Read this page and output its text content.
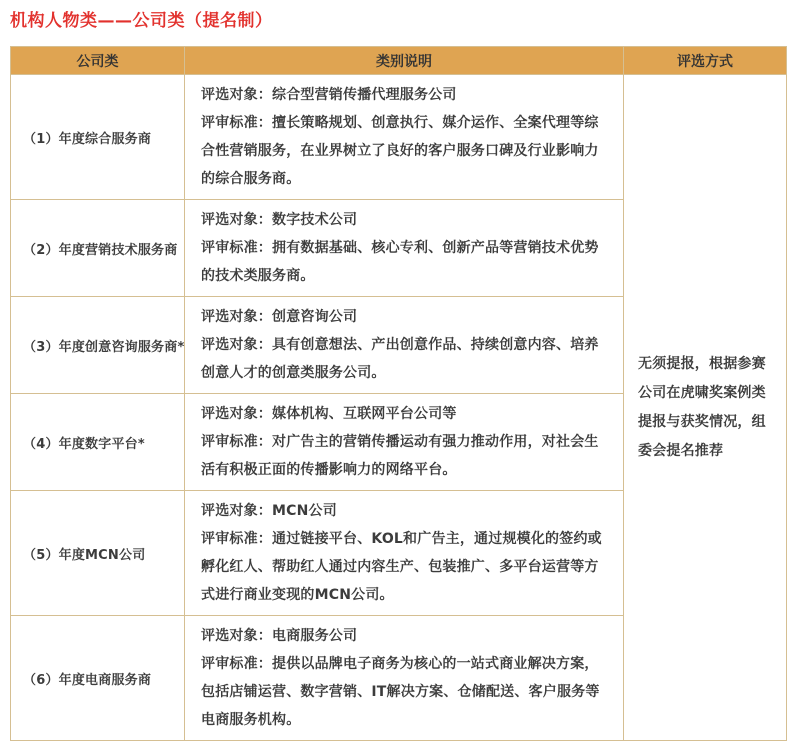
机构人物类——公司类（提名制）
公司类	类别说明	评选方式
（1）年度综合服务商	评选对象：综合型营销传播代理服务公司

评审标准：擅长策略规划、创意执行、媒介运作、全案代理等综合性营销服务，在业界树立了良好的客户服务口碑及行业影响力的综合服务商。	无须提报，根据参赛公司在虎啸奖案例类提报与获奖情况，组委会提名推荐
（2）年度营销技术服务商	评选对象：数字技术公司

评审标准：拥有数据基础、核心专利、创新产品等营销技术优势的技术类服务商。	

（3）年度创意咨询服务商*	评选对象：创意咨询公司

评选对象：具有创意想法、产出创意作品、持续创意内容、培养创意人才的创意类服务公司。	

（4）年度数字平台*	评选对象：媒体机构、互联网平台公司等

评审标准：对广告主的营销传播运动有强力推动作用，对社会生活有积极正面的传播影响力的网络平台。	

（5）年度MCN公司	评选对象：MCN公司

评审标准：通过链接平台、KOL和广告主，通过规模化的签约或孵化红人、帮助红人通过内容生产、包装推广、多平台运营等方式进行商业变现的MCN公司。	

（6）年度电商服务商	评选对象：电商服务公司

评审标准：提供以品牌电子商务为核心的一站式商业解决方案，包括店铺运营、数字营销、IT解决方案、仓储配送、客户服务等电商服务机构。	
